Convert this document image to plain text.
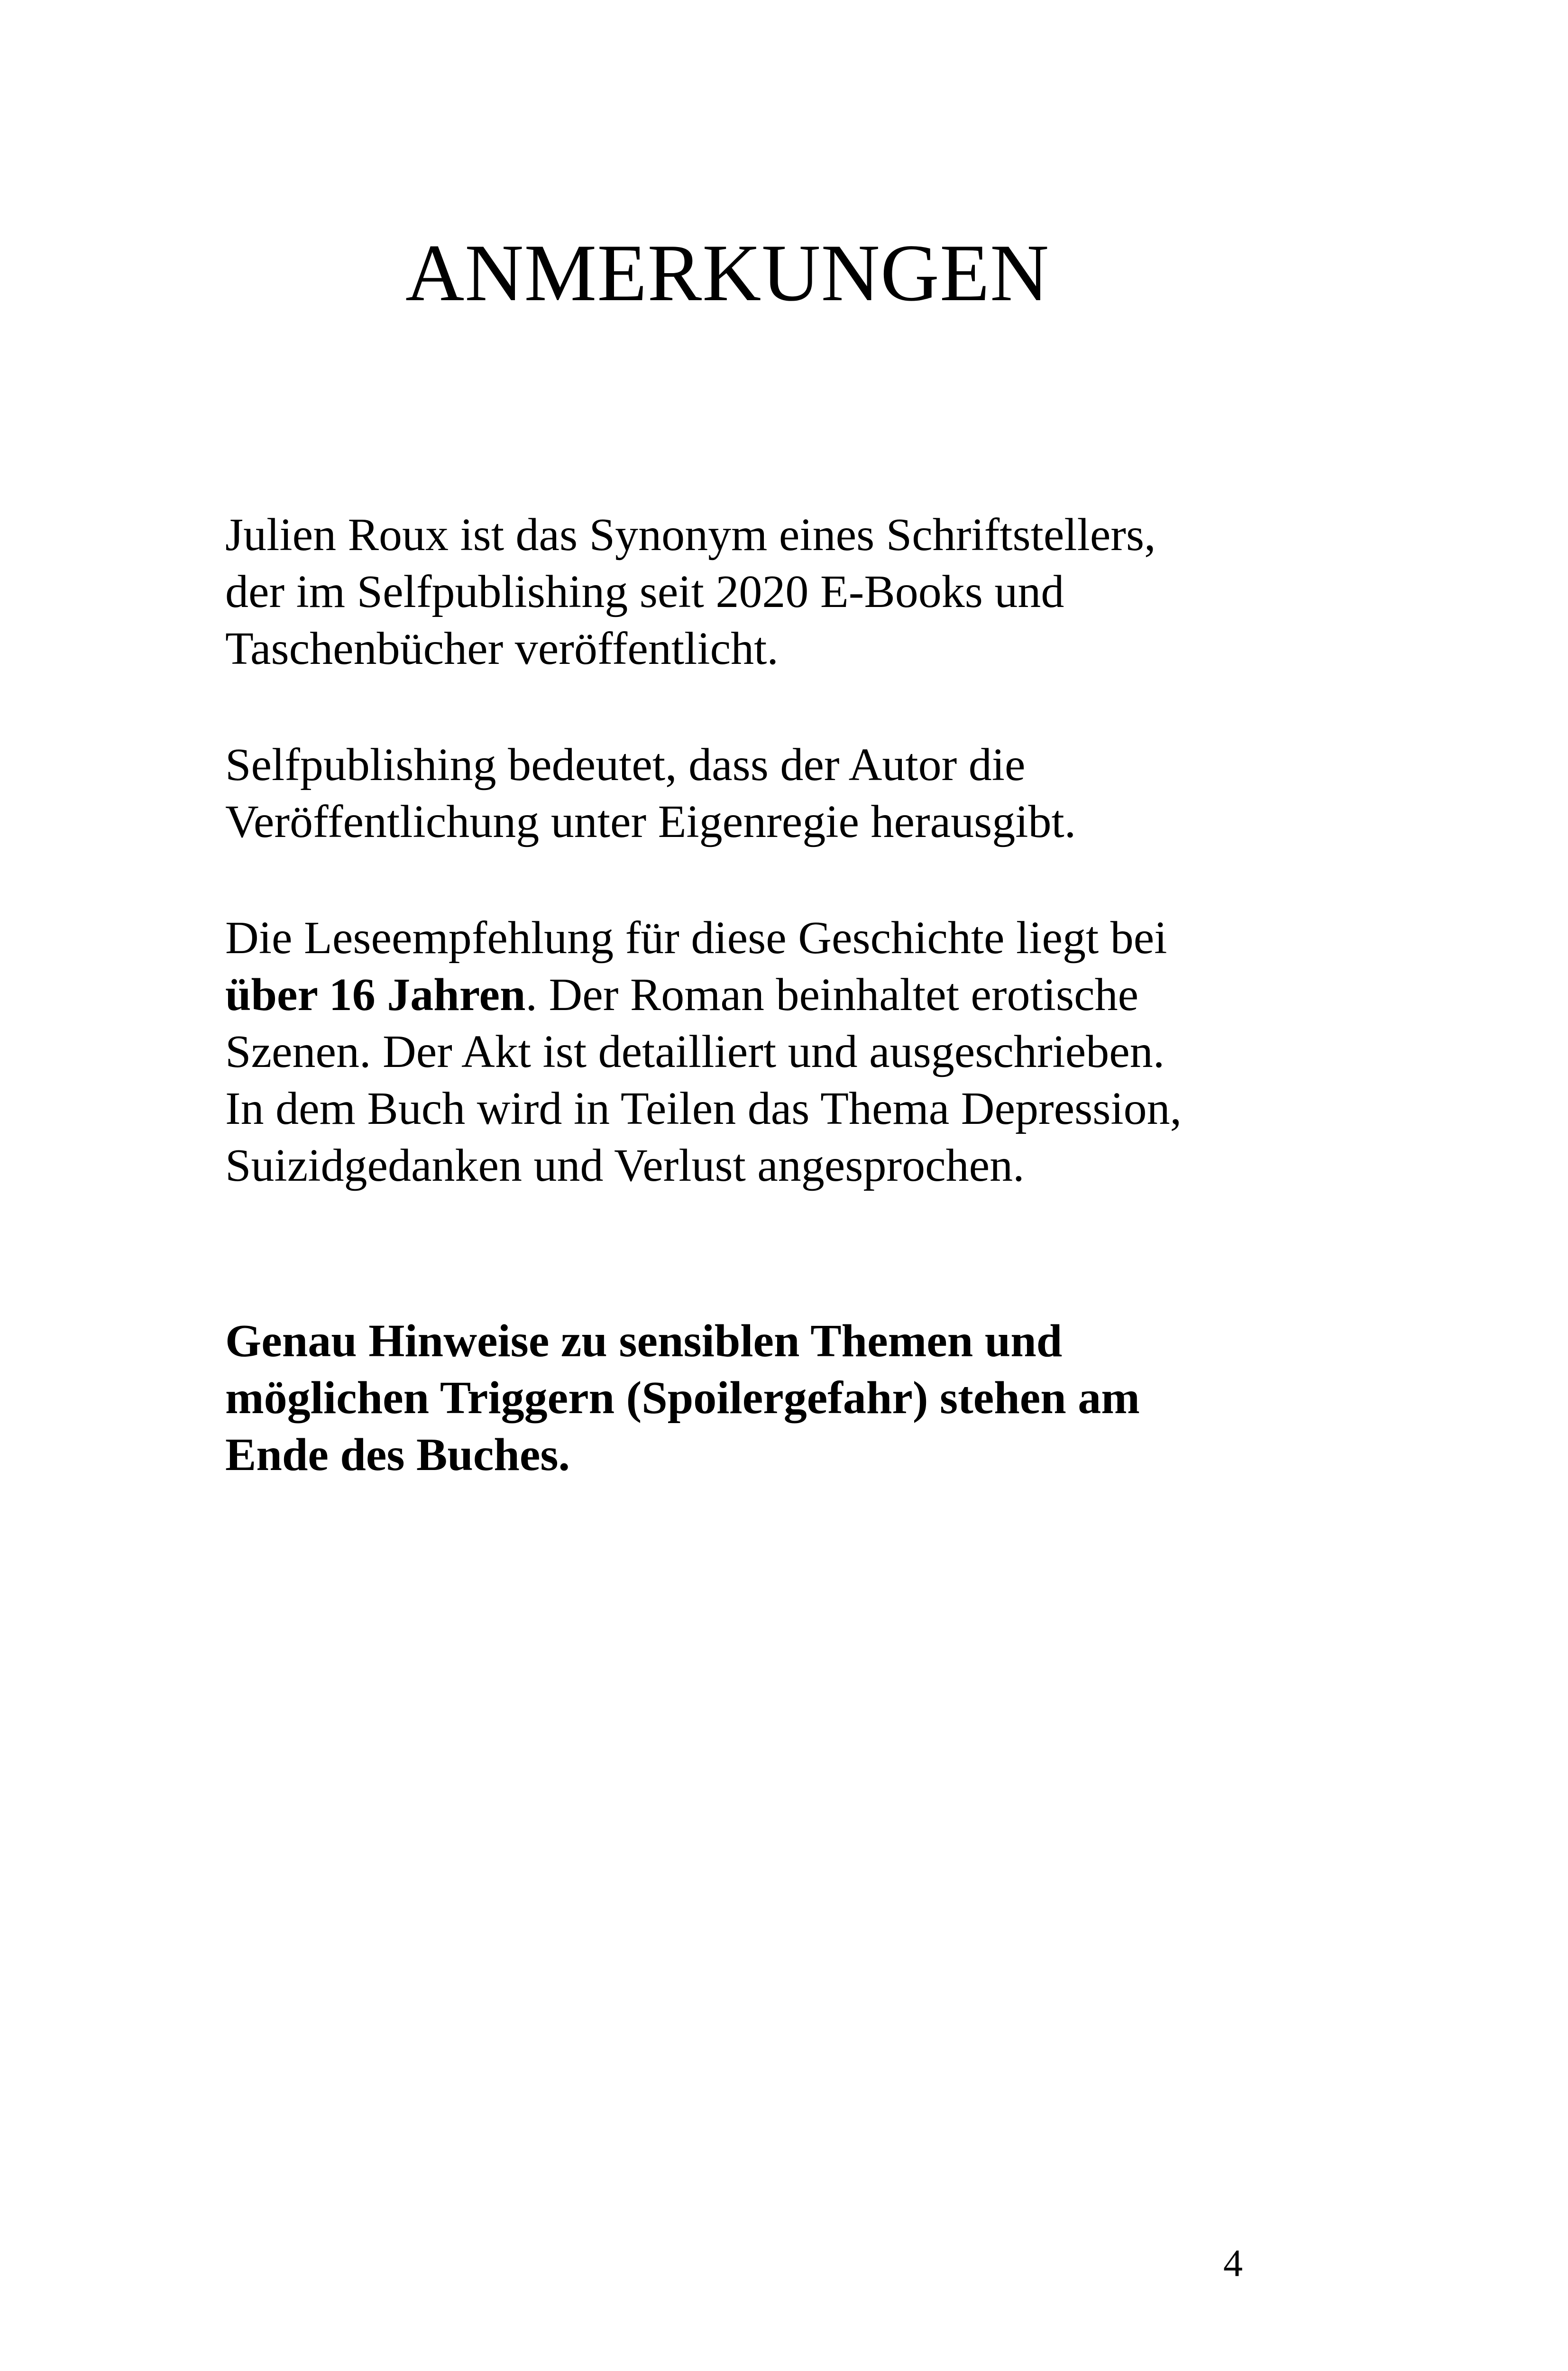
ANMERKUNGEN

Julien Roux ist das Synonym eines Schriftstellers,
der im Selfpublishing seit 2020 E-Books und
Taschenbücher veröffentlicht.

Selfpublishing bedeutet, dass der Autor die
Veröffentlichung unter Eigenregie herausgibt.

Die Leseempfehlung für diese Geschichte liegt bei
über 16 Jahren. Der Roman beinhaltet erotische
Szenen. Der Akt ist detailliert und ausgeschrieben.
In dem Buch wird in Teilen das Thema Depression,
Suizidgedanken und Verlust angesprochen.

Genau Hinweise zu sensiblen Themen und
möglichen Triggern (Spoilergefahr) stehen am
Ende des Buches.

4
